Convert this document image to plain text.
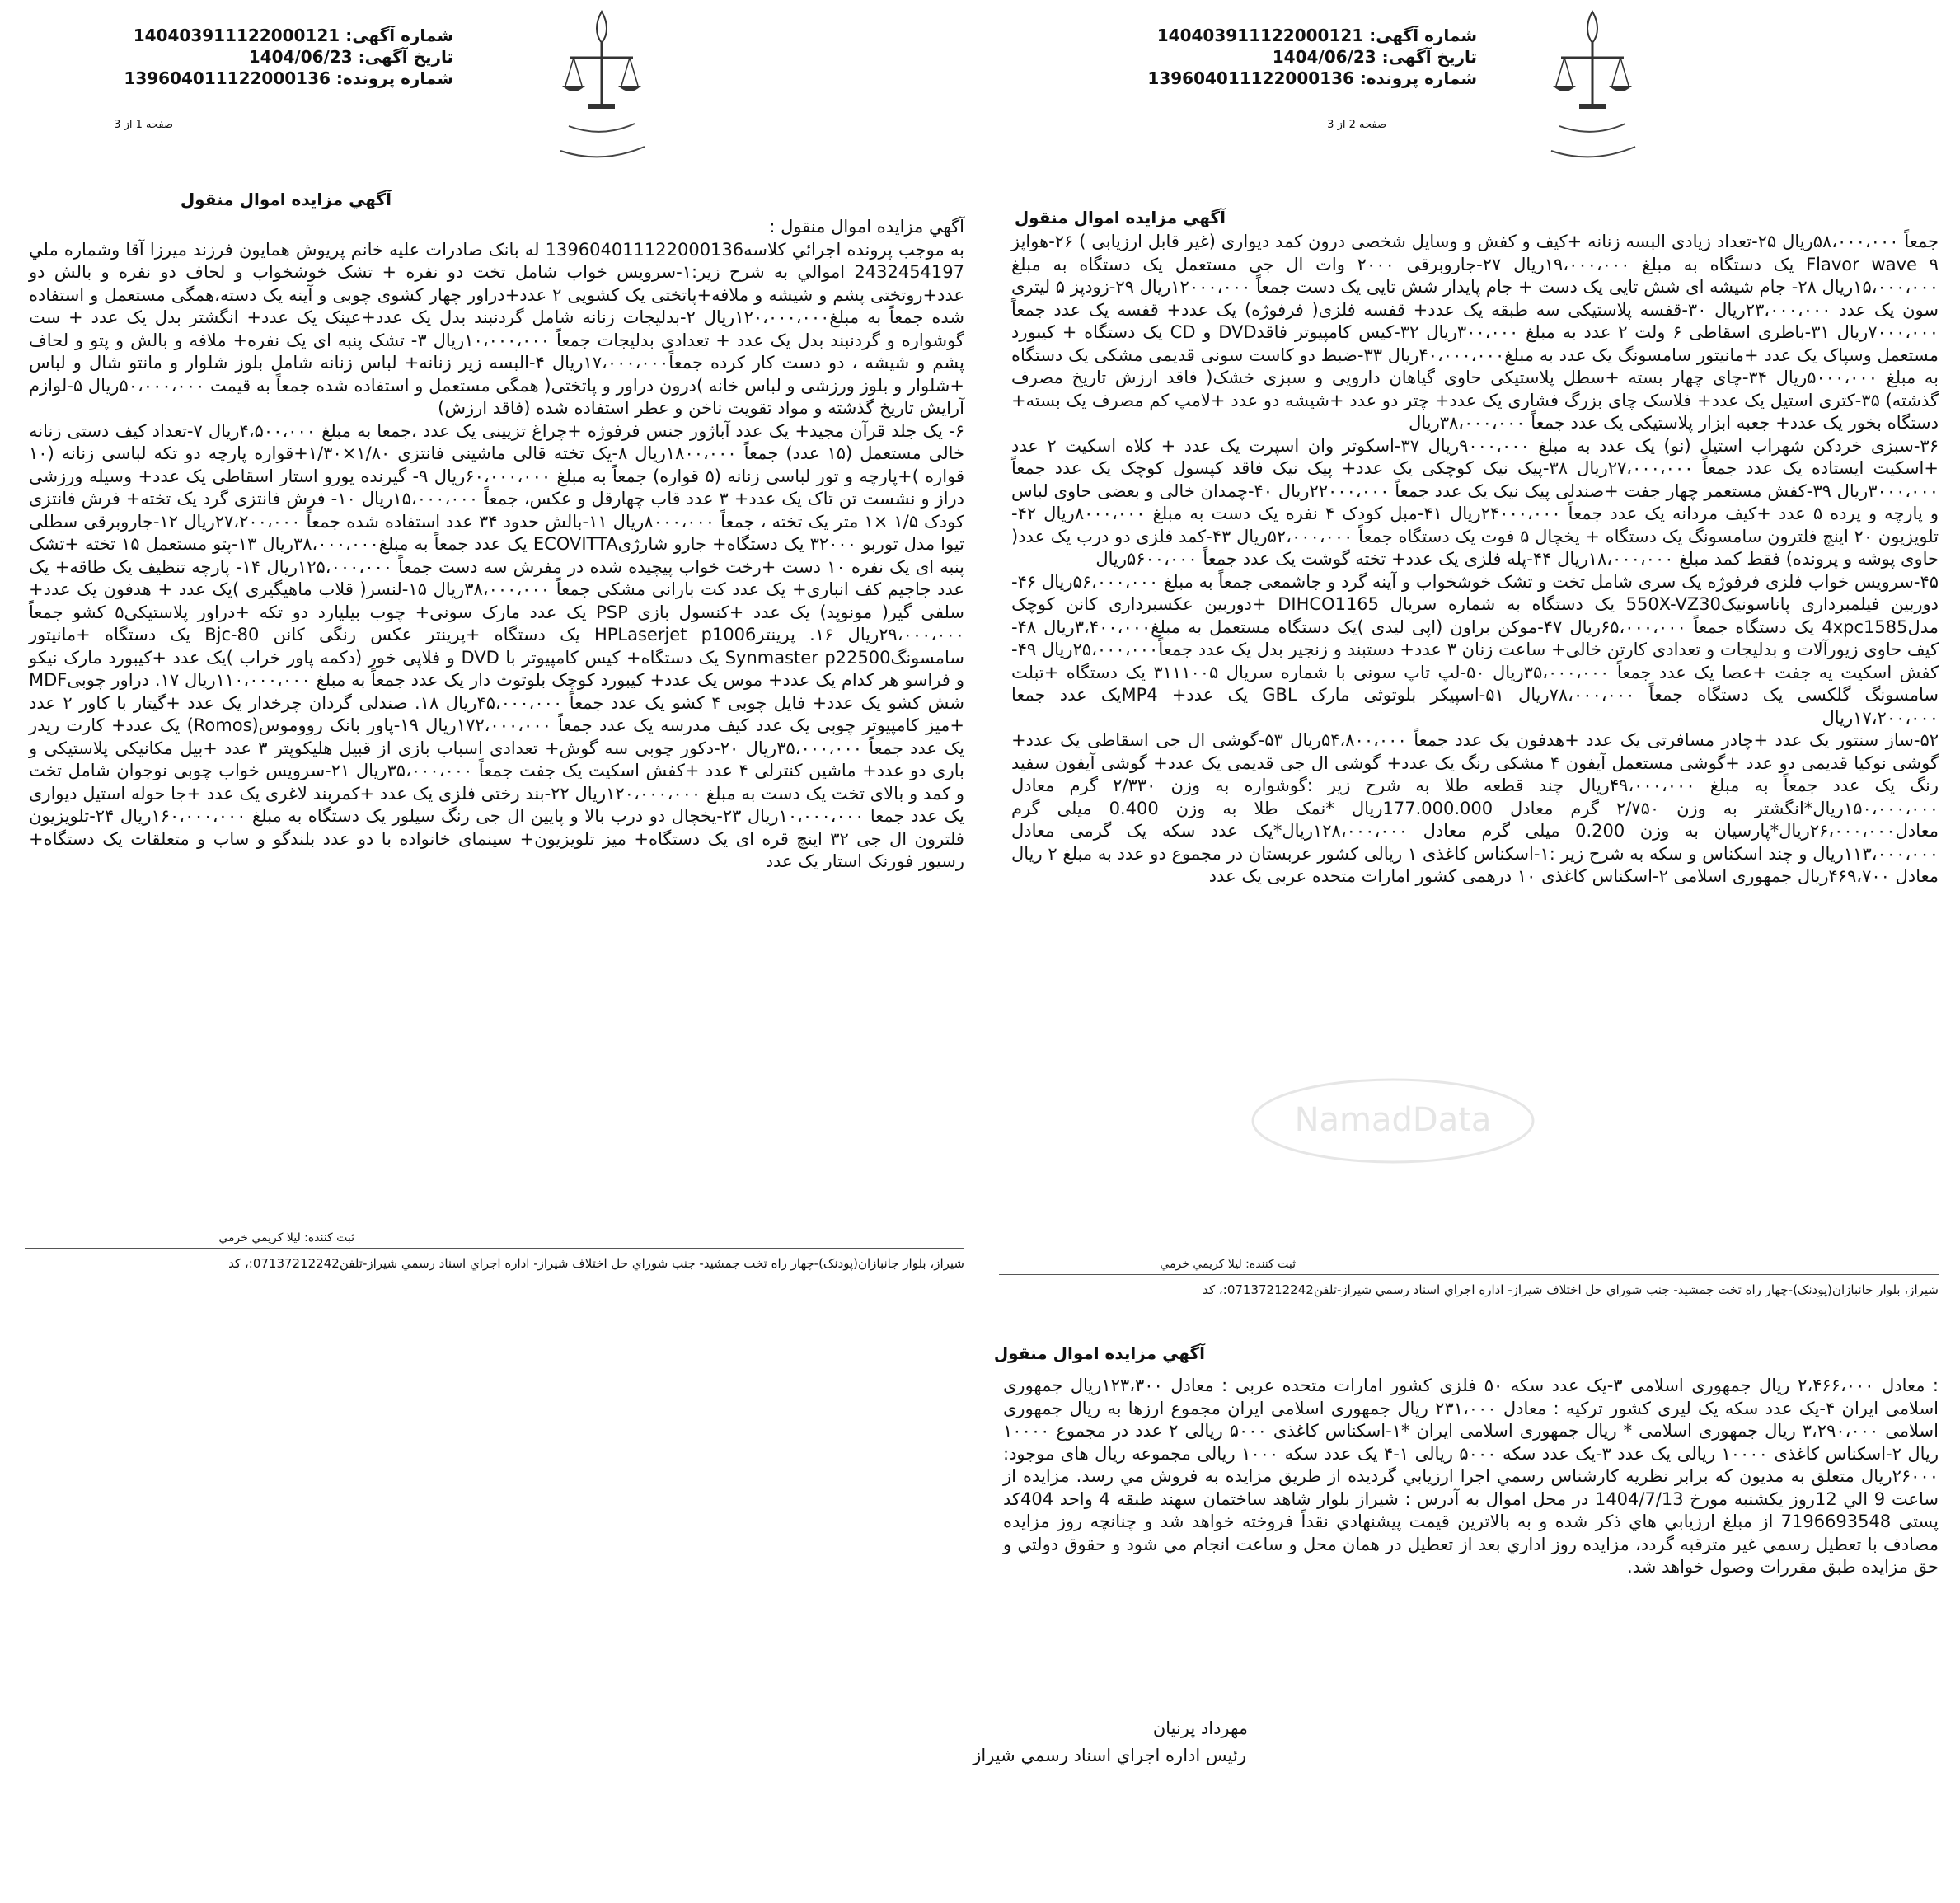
شماره آگهی: 140403911122000121
تاریخ آگهی: 1404/06/23
شماره پرونده: 139604011122000136
صفحه 1 از 3
آگهي مزايده اموال منقول

آگهي مزايده اموال منقول :

به موجب پرونده اجرائي کلاسه139604011122000136 له بانک صادرات عليه خانم پريوش همايون فرزند ميرزا آقا وشماره ملي 2432454197 اموالي به شرح زير:۱-سرويس خواب شامل تخت دو نفره + تشک خوشخواب و لحاف دو نفره و بالش دو عدد+روتختی پشم و شیشه و ملافه+پاتختی یک کشویی ۲ عدد+دراور چهار کشوی چوبی و آینه یک دسته،همگی مستعمل و استفاده شده جمعاً به مبلغ۱۲۰،۰۰۰،۰۰۰ریال ۲-بدلیجات زنانه شامل گردنبند بدل یک عدد+عینک یک عدد+ انگشتر بدل یک عدد + ست گوشواره و گردنبند بدل یک عدد + تعدادی بدلیجات جمعاً ۱۰،۰۰۰،۰۰۰ریال ۳- تشک پنبه ای یک نفره+ ملافه و بالش و پتو و لحاف پشم و شیشه ، دو دست کار کرده جمعاً۱۷،۰۰۰،۰۰۰ریال ۴-البسه زیر زنانه+ لباس زنانه شامل بلوز شلوار و مانتو شال و لباس +شلوار و بلوز ورزشی و لباس خانه )درون دراور و پاتختی( همگی مستعمل و استفاده شده جمعاً به قیمت ۵۰،۰۰۰،۰۰۰ریال ۵-لوازم آرایش تاریخ گذشته و مواد تقویت ناخن و عطر استفاده شده (فاقد ارزش)

۶- یک جلد قرآن مجید+ یک عدد آباژور جنس فرفوژه +چراغ تزیینی یک عدد ،جمعا به مبلغ ۴،۵۰۰،۰۰۰ریال ۷-تعداد کیف دستی زنانه خالی مستعمل (۱۵ عدد) جمعاً ۱۸۰۰،۰۰۰ریال ۸-یک تخته قالی ماشینی فانتزی ۱/۸۰×۱/۳۰+قواره پارچه دو تکه لباسی زنانه (۱۰ قواره )+پارچه و تور لباسی زنانه (۵ قواره) جمعاً به مبلغ ۶۰،۰۰۰،۰۰۰ریال ۹- گیرنده یورو استار اسقاطی یک عدد+ وسیله ورزشی دراز و نشست تن تاک یک عدد+ ۳ عدد قاب چهارقل و عکس، جمعاً ۱۵،۰۰۰،۰۰۰ریال ۱۰- فرش فانتزی گرد یک تخته+ فرش فانتزی کودک ۱/۵ ×۱ متر یک تخته ، جمعاً ۸۰۰۰،۰۰۰ریال ۱۱-بالش حدود ۳۴ عدد استفاده شده جمعاً ۲۷،۲۰۰،۰۰۰ریال ۱۲-جاروبرقی سطلی تیوا مدل توربو ۳۲۰۰۰ یک دستگاه+ جارو شارژیECOVITTA یک عدد جمعاً به مبلغ۳۸،۰۰۰،۰۰۰ریال ۱۳-پتو مستعمل ۱۵ تخته +تشک پنبه ای یک نفره ۱۰ دست +رخت خواب پیچیده شده در مفرش سه دست جمعاً ۱۲۵،۰۰۰،۰۰۰ریال ۱۴- پارچه تنظیف یک طاقه+ یک عدد جاجیم کف انباری+ یک عدد کت بارانی مشکی جمعاً ۳۸،۰۰۰،۰۰۰ریال ۱۵-لنسر( قلاب ماهیگیری )یک عدد + هدفون یک عدد+ سلفی گیر( مونوپد) یک عدد +کنسول بازی PSP یک عدد مارک سونی+ چوب بیلیارد دو تکه +دراور پلاستیکی۵ کشو جمعاً ۲۹،۰۰۰،۰۰۰ریال ۱۶. پرینترHPLaserjet p1006 یک دستگاه +پرینتر عکس رنگی کانن Bjc-80 یک دستگاه +مانیتور سامسونگSynmaster p22500 یک دستگاه+ کیس کامپیوتر با DVD و فلاپی خور (دکمه پاور خراب )یک عدد +کیبورد مارک نیکو و فراسو هر کدام یک عدد+ موس یک عدد+ کیبورد کوچک بلوتوث دار یک عدد جمعاً به مبلغ ۱۱۰،۰۰۰،۰۰۰ریال ۱۷. دراور چوبیMDF شش کشو یک عدد+ فایل چوبی ۴ کشو یک عدد جمعاً ۴۵،۰۰۰،۰۰۰ریال ۱۸. صندلی گردان چرخدار یک عدد +گیتار با کاور ۲ عدد +میز کامپیوتر چوبی یک عدد کیف مدرسه یک عدد جمعاً ۱۷۲،۰۰۰،۰۰۰ریال ۱۹-پاور بانک رووموس(Romos) یک عدد+ کارت ریدر یک عدد جمعاً ۳۵،۰۰۰،۰۰۰ریال ۲۰-دکور چوبی سه گوش+ تعدادی اسباب بازی از قبیل هلیکوپتر ۳ عدد +بیل مکانیکی پلاستیکی و باری دو عدد+ ماشین کنترلی ۴ عدد +کفش اسکیت یک جفت جمعاً ۳۵،۰۰۰،۰۰۰ریال ۲۱-سرویس خواب چوبی نوجوان شامل تخت و کمد و بالای تخت یک دست به مبلغ ۱۲۰،۰۰۰،۰۰۰ریال ۲۲-بند رختی فلزی یک عدد +کمربند لاغری یک عدد +جا حوله استیل دیواری یک عدد جمعا ۱۰،۰۰۰،۰۰۰ریال ۲۳-یخچال دو درب بالا و پایین ال جی رنگ سیلور یک دستگاه به مبلغ ۱۶۰،۰۰۰،۰۰۰ریال ۲۴-تلویزیون فلترون ال جی ۳۲ اینچ قره ای یک دستگاه+ میز تلویزیون+ سینمای خانواده با دو عدد بلندگو و ساب و متعلقات یک دستگاه+ رسیور فورنک استار یک عدد

ثبت كننده: ليلا كريمي خرمي
شيراز، بلوار جانبازان(پودنک)-چهار راه تخت جمشيد- جنب شوراي حل اختلاف شيراز- اداره اجراي اسناد رسمي شيراز-تلفن07137212242:، کد
شماره آگهی: 140403911122000121
تاریخ آگهی: 1404/06/23
شماره پرونده: 139604011122000136
صفحه 2 از 3
آگهي مزايده اموال منقول

جمعاً ۵۸،۰۰۰،۰۰۰ریال ۲۵-تعداد زیادی البسه زنانه +کیف و کفش و وسایل شخصی درون کمد دیواری (غیر قابل ارزیابی ) ۲۶-هواپز ۹ Flavor wave یک دستگاه به مبلغ ۱۹،۰۰۰،۰۰۰ریال ۲۷-جاروبرقی ۲۰۰۰ وات ال جی مستعمل یک دستگاه به مبلغ ۱۵،۰۰۰،۰۰۰ریال ۲۸- جام شیشه ای شش تایی یک دست + جام پایدار شش تایی یک دست جمعاً ۱۲۰۰۰،۰۰۰ریال ۲۹-زودپز ۵ لیتری سون یک عدد ۲۳،۰۰۰،۰۰۰ریال ۳۰-قفسه پلاستیکی سه طبقه یک عدد+ قفسه فلزی( فرفوژه) یک عدد+ قفسه یک عدد جمعاً ۷۰۰۰،۰۰۰ریال ۳۱-باطری اسقاطی ۶ ولت ۲ عدد به مبلغ ۳۰۰،۰۰۰ریال ۳۲-کیس کامپیوتر فاقدDVD و CD یک دستگاه + کیبورد مستعمل وسپاک یک عدد +مانیتور سامسونگ یک عدد به مبلغ۴۰،۰۰۰،۰۰۰ریال ۳۳-ضبط دو کاست سونی قدیمی مشکی یک دستگاه به مبلغ ۵۰۰۰،۰۰۰ریال ۳۴-چای چهار بسته +سطل پلاستیکی حاوی گیاهان دارویی و سبزی خشک( فاقد ارزش تاریخ مصرف گذشته) ۳۵-کتری استیل یک عدد+ فلاسک چای بزرگ فشاری یک عدد+ چتر دو عدد +شیشه دو عدد +لامپ کم مصرف یک بسته+ دستگاه بخور یک عدد+ جعبه ابزار پلاستیکی یک عدد جمعاً ۳۸،۰۰۰،۰۰۰ریال

۳۶-سبزی خردکن شهراب استیل (نو) یک عدد به مبلغ ۹۰۰۰،۰۰۰ریال ۳۷-اسکوتر وان اسپرت یک عدد + کلاه اسکیت ۲ عدد +اسکیت ایستاده یک عدد جمعاً ۲۷،۰۰۰،۰۰۰ریال ۳۸-پیک نیک کوچکی یک عدد+ پیک نیک فاقد کپسول کوچک یک عدد جمعاً ۳۰۰۰،۰۰۰ریال ۳۹-کفش مستعمر چهار جفت +صندلی پیک نیک یک عدد جمعاً ۲۲۰۰۰،۰۰۰ریال ۴۰-چمدان خالی و بعضی حاوی لباس و پارچه و پرده ۵ عدد +کیف مردانه یک عدد جمعاً ۲۴۰۰۰،۰۰۰ریال ۴۱-مبل کودک ۴ نفره یک دست به مبلغ ۸۰۰۰،۰۰۰ریال ۴۲-تلویزیون ۲۰ اینچ فلترون سامسونگ یک دستگاه + یخچال ۵ فوت یک دستگاه جمعاً ۵۲،۰۰۰،۰۰۰ریال ۴۳-کمد فلزی دو درب یک عدد( حاوی پوشه و پرونده) فقط کمد مبلغ ۱۸،۰۰۰،۰۰۰ریال ۴۴-پله فلزی یک عدد+ تخته گوشت یک عدد جمعاً ۵۶۰۰،۰۰۰ریال

۴۵-سرویس خواب فلزی فرفوژه یک سری شامل تخت و تشک خوشخواب و آینه گرد و جاشمعی جمعاً به مبلغ ۵۶،۰۰۰،۰۰۰ریال ۴۶-دوربین فیلمبرداری پاناسونیک550X-VZ30 یک دستگاه به شماره سریال DIHCO1165 +دوربین عکسبرداری کانن کوچک مدل4xpc1585 یک دستگاه جمعاً ۶۵،۰۰۰،۰۰۰ریال ۴۷-موکن براون (اپی لیدی )یک دستگاه مستعمل به مبلغ۳،۴۰۰،۰۰۰ریال ۴۸-کیف حاوی زیورآلات و بدلیجات و تعدادی کارتن خالی+ ساعت زنان ۳ عدد+ دستبند و زنجیر بدل یک عدد جمعاً۲۵،۰۰۰،۰۰۰ریال ۴۹-کفش اسکیت یه جفت +عصا یک عدد جمعاً ۳۵،۰۰۰،۰۰۰ریال ۵۰-لپ تاپ سونی با شماره سریال ۳۱۱۱۰۰۵ یک دستگاه +تبلت سامسونگ گلکسی یک دستگاه جمعاً ۷۸،۰۰۰،۰۰۰ریال ۵۱-اسپیکر بلوتوثی مارک GBL یک عدد+ MP4یک عدد جمعا ۱۷،۲۰۰،۰۰۰ریال

۵۲-ساز سنتور یک عدد +چادر مسافرتی یک عدد +هدفون یک عدد جمعاً ۵۴،۸۰۰،۰۰۰ریال ۵۳-گوشی ال جی اسقاطی یک عدد+ گوشی نوکیا قدیمی دو عدد +گوشی مستعمل آیفون ۴ مشکی رنگ یک عدد+ گوشی ال جی قدیمی یک عدد+ گوشی آیفون سفید رنگ یک عدد جمعاً به مبلغ ۴۹،۰۰۰،۰۰۰ریال چند قطعه طلا به شرح زیر :گوشواره به وزن ۲/۳۳۰ گرم معادل ۱۵۰،۰۰۰،۰۰۰ریال*انگشتر به وزن ۲/۷۵۰ گرم معادل 177.000.000ریال *نمک طلا به وزن 0.400 میلی گرم معادل۲۶،۰۰۰،۰۰۰ریال*پارسیان به وزن 0.200 میلی گرم معادل ۱۲۸،۰۰۰،۰۰۰ریال*یک عدد سکه یک گرمی معادل ۱۱۳،۰۰۰،۰۰۰ریال و چند اسکناس و سکه به شرح زیر :۱-اسکناس کاغذی ۱ ریالی کشور عربستان در مجموع دو عدد به مبلغ ۲ ریال معادل ۴۶۹،۷۰۰ریال جمهوری اسلامی ۲-اسکناس کاغذی ۱۰ درهمی کشور امارات متحده عربی یک عدد

ثبت كننده: ليلا كريمي خرمي
شيراز، بلوار جانبازان(پودنک)-چهار راه تخت جمشيد- جنب شوراي حل اختلاف شيراز- اداره اجراي اسناد رسمي شيراز-تلفن07137212242:، کد
آگهي مزايده اموال منقول

: معادل ۲،۴۶۶،۰۰۰ ریال جمهوری اسلامی ۳-یک عدد سکه ۵۰ فلزی کشور امارات متحده عربی : معادل ۱۲۳،۳۰۰ریال جمهوری اسلامی ایران ۴-یک عدد سکه یک لیری کشور ترکیه : معادل ۲۳۱،۰۰۰ ریال جمهوری اسلامی ایران مجموع ارزها به ریال جمهوری اسلامی ۳،۲۹۰،۰۰۰ ریال جمهوری اسلامی * ریال جمهوری اسلامی ایران *۱-اسکناس کاغذی ۵۰۰۰ ریالی ۲ عدد در مجموع ۱۰۰۰۰ ریال ۲-اسکناس کاغذی ۱۰۰۰۰ ریالی یک عدد ۳-یک عدد سکه ۵۰۰۰ ریالی ۱-۴ یک عدد سکه ۱۰۰۰ ریالی مجموعه ریال های موجود: ۲۶۰۰۰ریال متعلق به مديون كه برابر نظريه كارشناس رسمي اجرا ارزيابي گرديده از طريق مزايده به فروش مي رسد. مزايده از ساعت 9 الي 12روز يکشنبه مورخ 1404/7/13 در محل اموال به آدرس : شیراز بلوار شاهد ساختمان سهند طبقه 4 واحد 404کد پستی 7196693548 از مبلغ ارزيابي هاي ذكر شده و به بالاترين قيمت پيشنهادي نقداً فروخته خواهد شد و چنانچه روز مزايده مصادف با تعطيل رسمي غير مترقبه گردد، مزايده روز اداري بعد از تعطيل در همان محل و ساعت انجام مي شود و حقوق دولتي و حق مزايده طبق مقررات وصول خواهد شد.

مهرداد پرنيان
رئيس اداره اجراي اسناد رسمي شيراز
NamadData
